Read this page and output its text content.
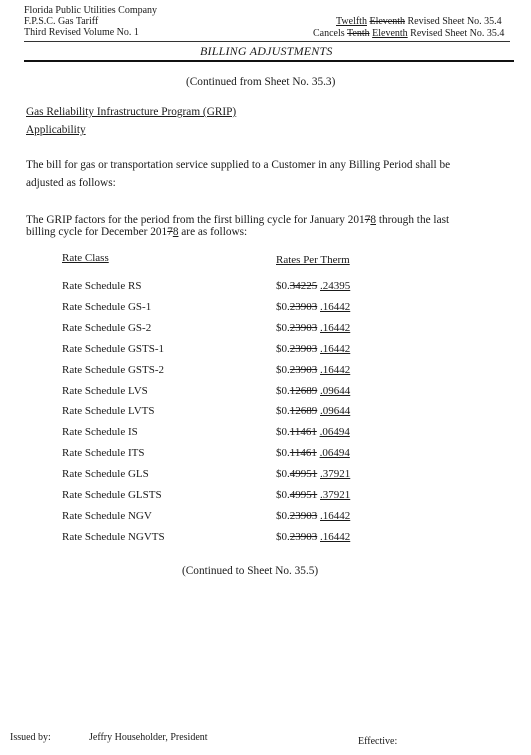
Florida Public Utilities Company
F.P.S.C. Gas Tariff
Third Revised Volume No. 1
Twelfth Eleventh Revised Sheet No. 35.4
Cancels Tenth Eleventh Revised Sheet No. 35.4
BILLING ADJUSTMENTS
(Continued from Sheet No. 35.3)
Gas Reliability Infrastructure Program (GRIP)
Applicability
The bill for gas or transportation service supplied to a Customer in any Billing Period shall be
adjusted as follows:
The GRIP factors for the period from the first billing cycle for January 20178 through the last
billing cycle for December 20178 are as follows:
Rate Class	Rates Per Therm
Rate Schedule RS	$0.34225 .24395
Rate Schedule GS-1	$0.23903 .16442
Rate Schedule GS-2	$0.23903 .16442
Rate Schedule GSTS-1	$0.23903 .16442
Rate Schedule GSTS-2	$0.23903 .16442
Rate Schedule LVS	$0.12689 .09644
Rate Schedule LVTS	$0.12689 .09644
Rate Schedule IS	$0.11461 .06494
Rate Schedule ITS	$0.11461 .06494
Rate Schedule GLS	$0.49951 .37921
Rate Schedule GLSTS	$0.49951 .37921
Rate Schedule NGV	$0.23903 .16442
Rate Schedule NGVTS	$0.23903 .16442
(Continued to Sheet No. 35.5)
Issued by:	Jeffry Householder, President	Effective:
